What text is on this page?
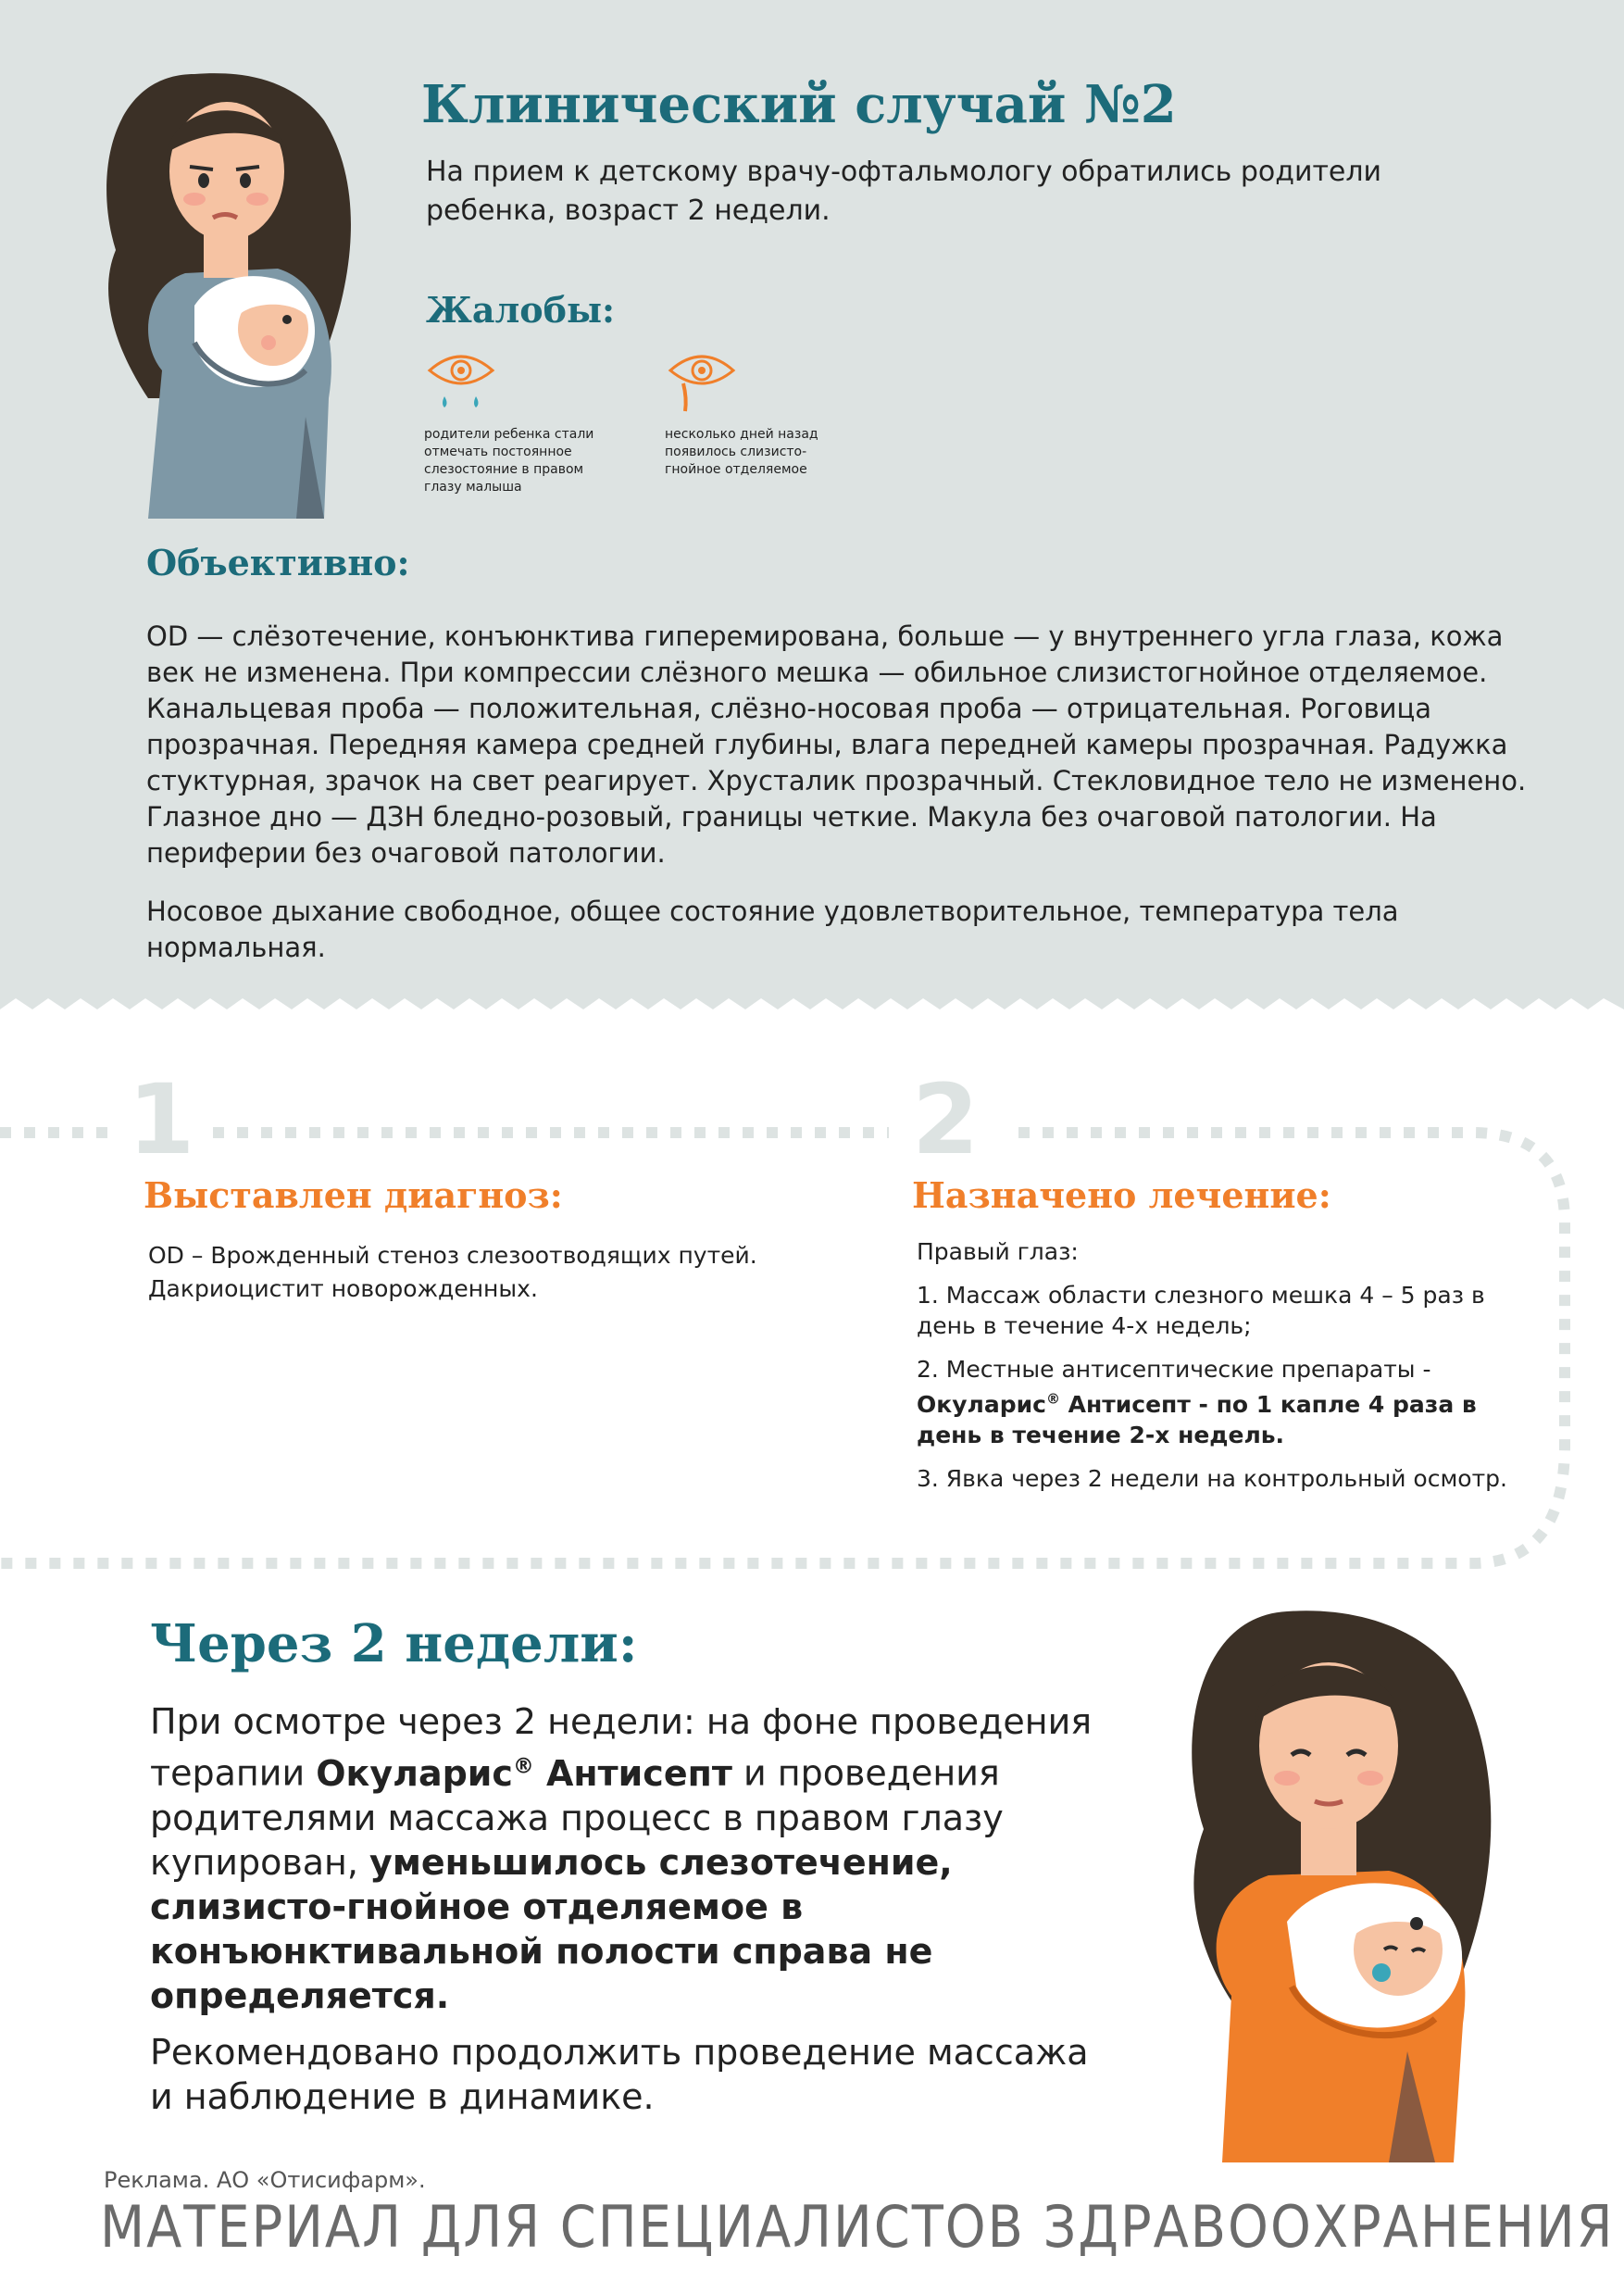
Клинический случай №2

На прием к детскому врачу-офтальмологу обратились родители ребенка, возраст 2 недели.

Жалобы:

родители ребенка стали отмечать постоянное слезостояние в правом глазу малыша

несколько дней назад появилось слизисто-гнойное отделяемое

Объективно:

OD — слёзотечение, конъюнктива гиперемирована, больше — у внутреннего угла глаза, кожа век не изменена. При компрессии слёзного мешка — обильное слизистогнойное отделяемое. Канальцевая проба — положительная, слёзно-носовая проба — отрицательная. Роговица прозрачная. Передняя камера средней глубины, влага передней камеры прозрачная. Радужка стуктурная, зрачок на свет реагирует. Хрусталик прозрачный. Стекловидное тело не изменено. Глазное дно — ДЗН бледно-розовый, границы четкие. Макула без очаговой патологии. На периферии без очаговой патологии.

Носовое дыхание свободное, общее состояние удовлетворительное, температура тела нормальная.

1	2
Выставлен диагноз:

OD – Врожденный стеноз слезоотводящих путей. Дакриоцистит новорожденных.

Назначено лечение:

Правый глаз:

1. Массаж области слезного мешка 4 – 5 раз в день в течение 4-х недель;

2. Местные антисептические препараты -
Окуларис® Антисепт - по 1 капле 4 раза в день в течение 2-х недель.

3. Явка через 2 недели на контрольный осмотр.

Через 2 недели:

При осмотре через 2 недели: на фоне проведения терапии Окуларис® Антисепт и проведения родителями массажа процесс в правом глазу купирован, уменьшилось слезотечение, слизисто-гнойное отделяемое в конъюнктивальной полости справа не определяется.

Рекомендовано продолжить проведение массажа и наблюдение в динамике.

Реклама. АО «Отисифарм».

МАТЕРИАЛ ДЛЯ СПЕЦИАЛИСТОВ ЗДРАВООХРАНЕНИЯ
